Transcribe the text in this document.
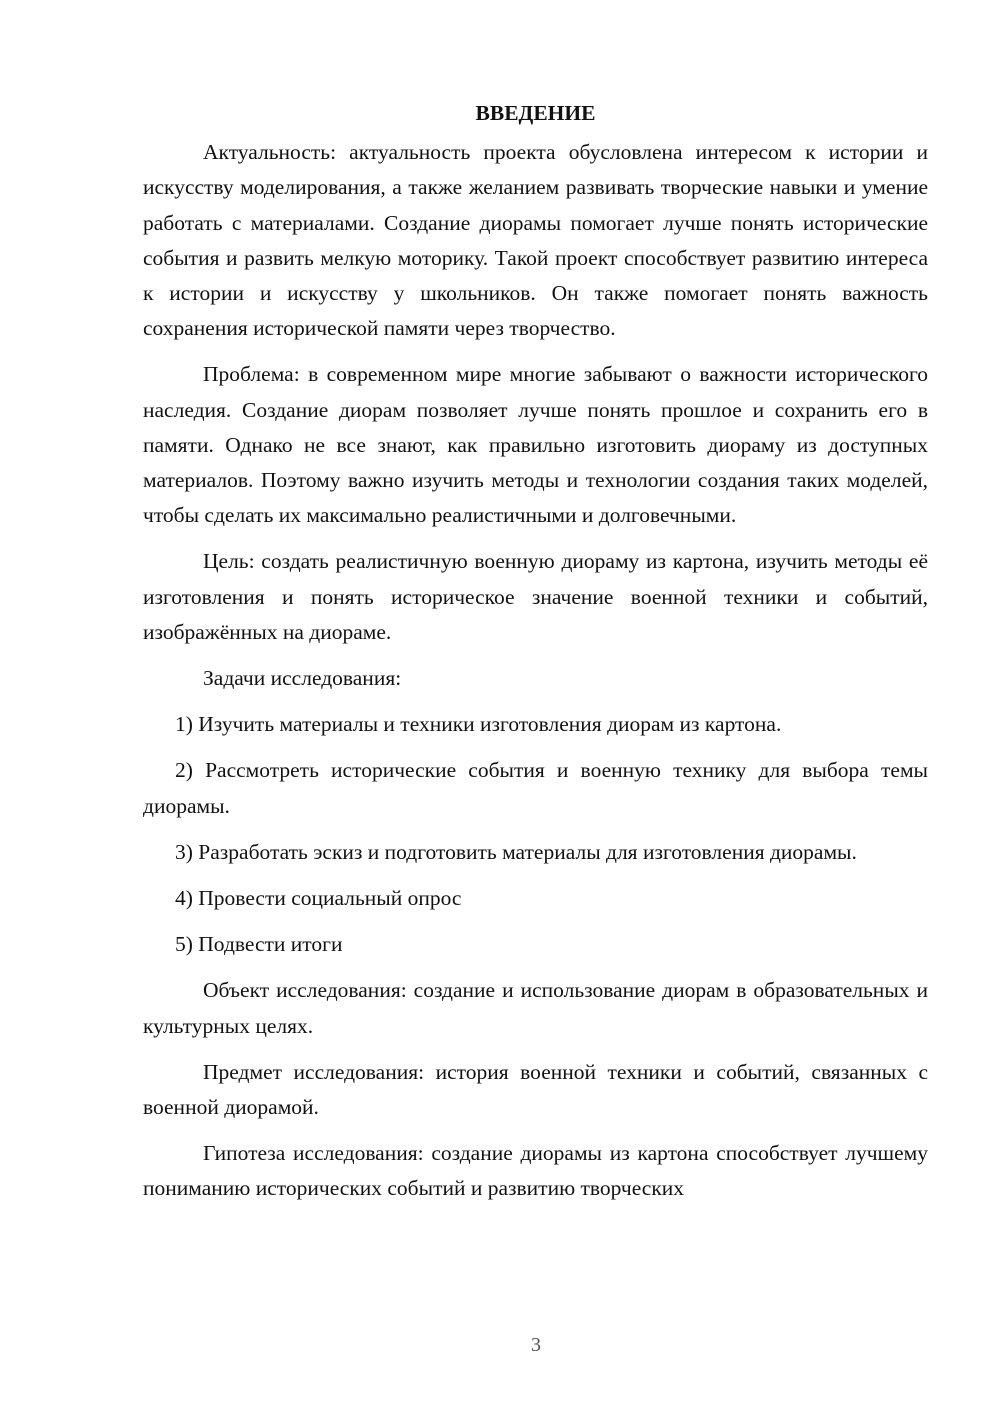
ВВЕДЕНИЕ

Актуальность: актуальность проекта обусловлена интересом к истории и искусству моделирования, а также желанием развивать творческие навыки и умение работать с материалами. Создание диорамы помогает лучше понять исторические события и развить мелкую моторику. Такой проект способствует развитию интереса к истории и искусству у школьников. Он также помогает понять важность сохранения исторической памяти через творчество.

Проблема: в современном мире многие забывают о важности исторического наследия. Создание диорам позволяет лучше понять прошлое и сохранить его в памяти. Однако не все знают, как правильно изготовить диораму из доступных материалов. Поэтому важно изучить методы и технологии создания таких моделей, чтобы сделать их максимально реалистичными и долговечными.

Цель: создать реалистичную военную диораму из картона, изучить методы её изготовления и понять историческое значение военной техники и событий, изображённых на диораме.

Задачи исследования:

1) Изучить материалы и техники изготовления диорам из картона.

2) Рассмотреть исторические события и военную технику для выбора темы диорамы.

3) Разработать эскиз и подготовить материалы для изготовления диорамы.

4) Провести социальный опрос

5) Подвести итоги

Объект исследования: создание и использование диорам в образовательных и культурных целях.

Предмет исследования: история военной техники и событий, связанных с военной диорамой.

Гипотеза исследования: создание диорамы из картона способствует лучшему пониманию исторических событий и развитию творческих

3
